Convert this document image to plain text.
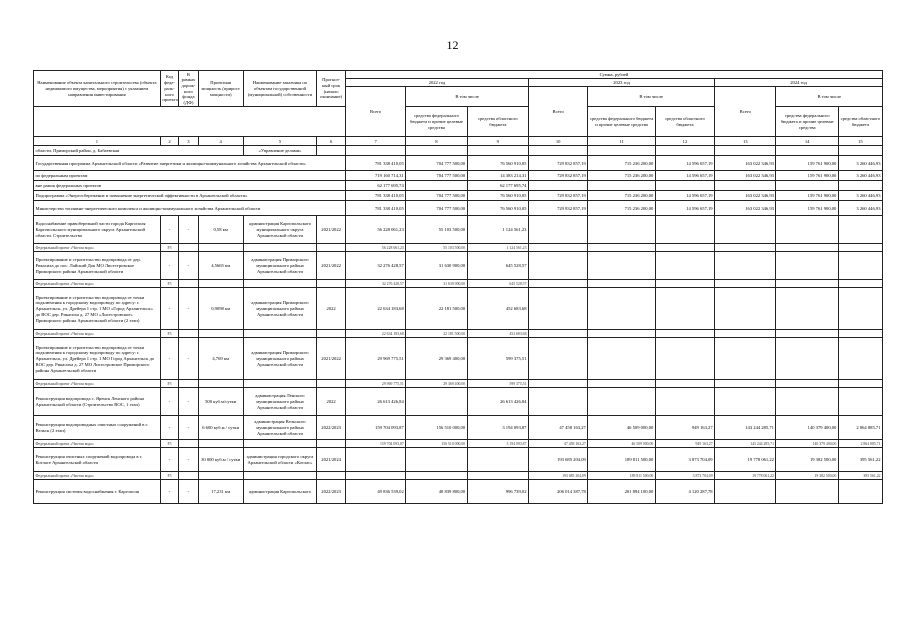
12
Наименование объекта капитального строительства (объекта недвижимого имущества, мероприятия) с указанием направления инвестирования	Код феде-раль-ного проекта	В рамках дорож-ного фонда (ДФ)	Проектная мощность (прирост мощности)	Наименование заказчика по объектам государственной (муниципальной) собственности	Прогноз-ный срок (начало окончание)	Сумма, рублей								
						2022 год			2023 год			2024 год		
						Всего	В том числе		Всего	В том числе		Всего	В том числе	
							средства федерального бюджета и прочие целевые средства	средства областного бюджета		средства федерального бюджета и прочие целевые средства	средства областного бюджета		средства федерального бюджета и прочие целевые средства	средства областного бюджета
1	2	3	4	5	6	7	8	9	10	11	12	13	14	15
области, Приморский район, д. Бабаевская				«Управление делами»										
Государственная программа Архангельской области «Развитие энергетики и жилищно-коммунального хозяйства Архангельской области»						781 338 410,05	704 777 500,00	76 560 910,05	729 832 857,19	715 236 200,00	14 596 657,19	163 022 346,93	159 761 900,00	3 260 446,93
по федеральным проектам						719 160 714,31	704 777 500,00	14 383 214,31	729 832 857,19	715 236 200,00	14 596 657,19	163 022 346,93	159 761 900,00	3 260 446,93
вне рамок федеральных проектов						62 177 695,74		62 177 695,74						
Подпрограмма «Энергосбережение и повышение энергетической эффективности в Архангельской области»						781 338 410,05	704 777 500,00	76 560 910,05	729 832 857,19	715 236 200,00	14 596 657,19	163 022 346,93	159 761 900,00	3 260 446,93
Министерство топливно-энергетического комплекса и жилищно-коммунального хозяйства Архангельской области						781 338 410,05	704 777 500,00	76 560 910,05	729 832 857,19	715 236 200,00	14 596 657,19	163 022 346,93	159 761 900,00	3 260 446,93
Водоснабжение правобережной части города Каргополя Каргопольского муниципального округа Архангельской области. Строительство	-	-	0,58 км	администрация Каргопольского муниципального округа Архангельской области	2021/2022	56 228 061,23	55 103 500,00	1 124 561,23						
Федеральный проект «Чистая вода»	F5					56 228 061,23	55 103 500,00	1 124 561,23						
Проектирование и строительство водопровода от дер. Рикасиха до пос. Лайский Док МО Лисестровское Приморского района Архангельской области	-	-	4,5665 км	администрация Приморского муниципального района Архангельской области	2021/2022	32 276 428,57	31 630 900,00	645 528,57						
Федеральный проект «Чистая вода»	F5					32 276 428,57	31 630 900,00	645 528,57						
Проектирование и строительство водопровода от точки подключения к городскому водопроводу по адресу: г. Архангельск, ул. Дрейера 1 стр. 1 МО «Город Архангельск» до ВОС дер. Рикасиха д. 27 МО «Лисестровское» Приморского района Архангельской области (2 этап)	-	-	0,9098 км	администрация Приморского муниципального района Архангельской области	2022	22 634 183,68	22 181 500,00	452 683,68						
Федеральный проект «Чистая вода»	F5					22 634 183,68	22 181 500,00	452 683,68						
Проектирование и строительство водопровода от точки подключения к городскому водопроводу по адресу: г. Архангельск, ул. Дрейера 1 стр. 1 МО Город Архангельск до ВОС дер. Рикасиха д. 27 МО Лисестровское Приморского района Архангельской области	-	-	4,769 км	администрация Приморского муниципального района Архангельской области	2021/2022	29 969 775,51	29 369 400,00	599 375,51						
Федеральный проект «Чистая вода»	F5					29 969 775,51	29 369 400,00	599 375,51						
Реконструкция водопровода с. Яренск Ленского района Архангельской области (Строительство ВОС, 1 этап)	-	-	500 куб.м/сутки	администрация Ленского муниципального района Архангельской области	2022	26 613 426,84		26 613 426,84						
Реконструкция водопроводных очистных сооружений в г. Вельск (2 этап)	-	-	6 600 куб.м / сутки	администрация Вельского муниципального района Архангельской области	2022/2023	159 704 093,87	156 510 000,00	3 194 093,87	47 458 163,27	46 509 000,00	949 163,27	143 244 285,71	140 379 400,00	2 864 885,71
Федеральный проект «Чистая вода»	F5					159 704 093,87	156 510 000,00	3 194 093,87	47 458 163,27	46 509 000,00	949 163,27	143 244 285,71	140 379 400,00	2 864 885,71
Реконструкция очистных сооружений водопровода в г. Котласе Архангельской области	-	-	30 000 куб.м / сутки	администрация городского округа Архангельской области «Котлас»	2021/2024				193 685 204,09	189 811 500,00	3 873 704,09	19 778 061,22	19 382 500,00	395 561,22
Федеральный проект «Чистая вода»	F5								193 685 204,09	189 811 500,00	3 873 704,09	19 778 061,22	19 382 500,00	395 561,22
Реконструкция системы водоснабжения г. Каргополя	-	-	17,231 км	администрация Каргопольского	2022/2023	49 836 539,02	48 839 800,00	996 739,02	206 014 387,78	201 894 100,00	4 120 287,78			
